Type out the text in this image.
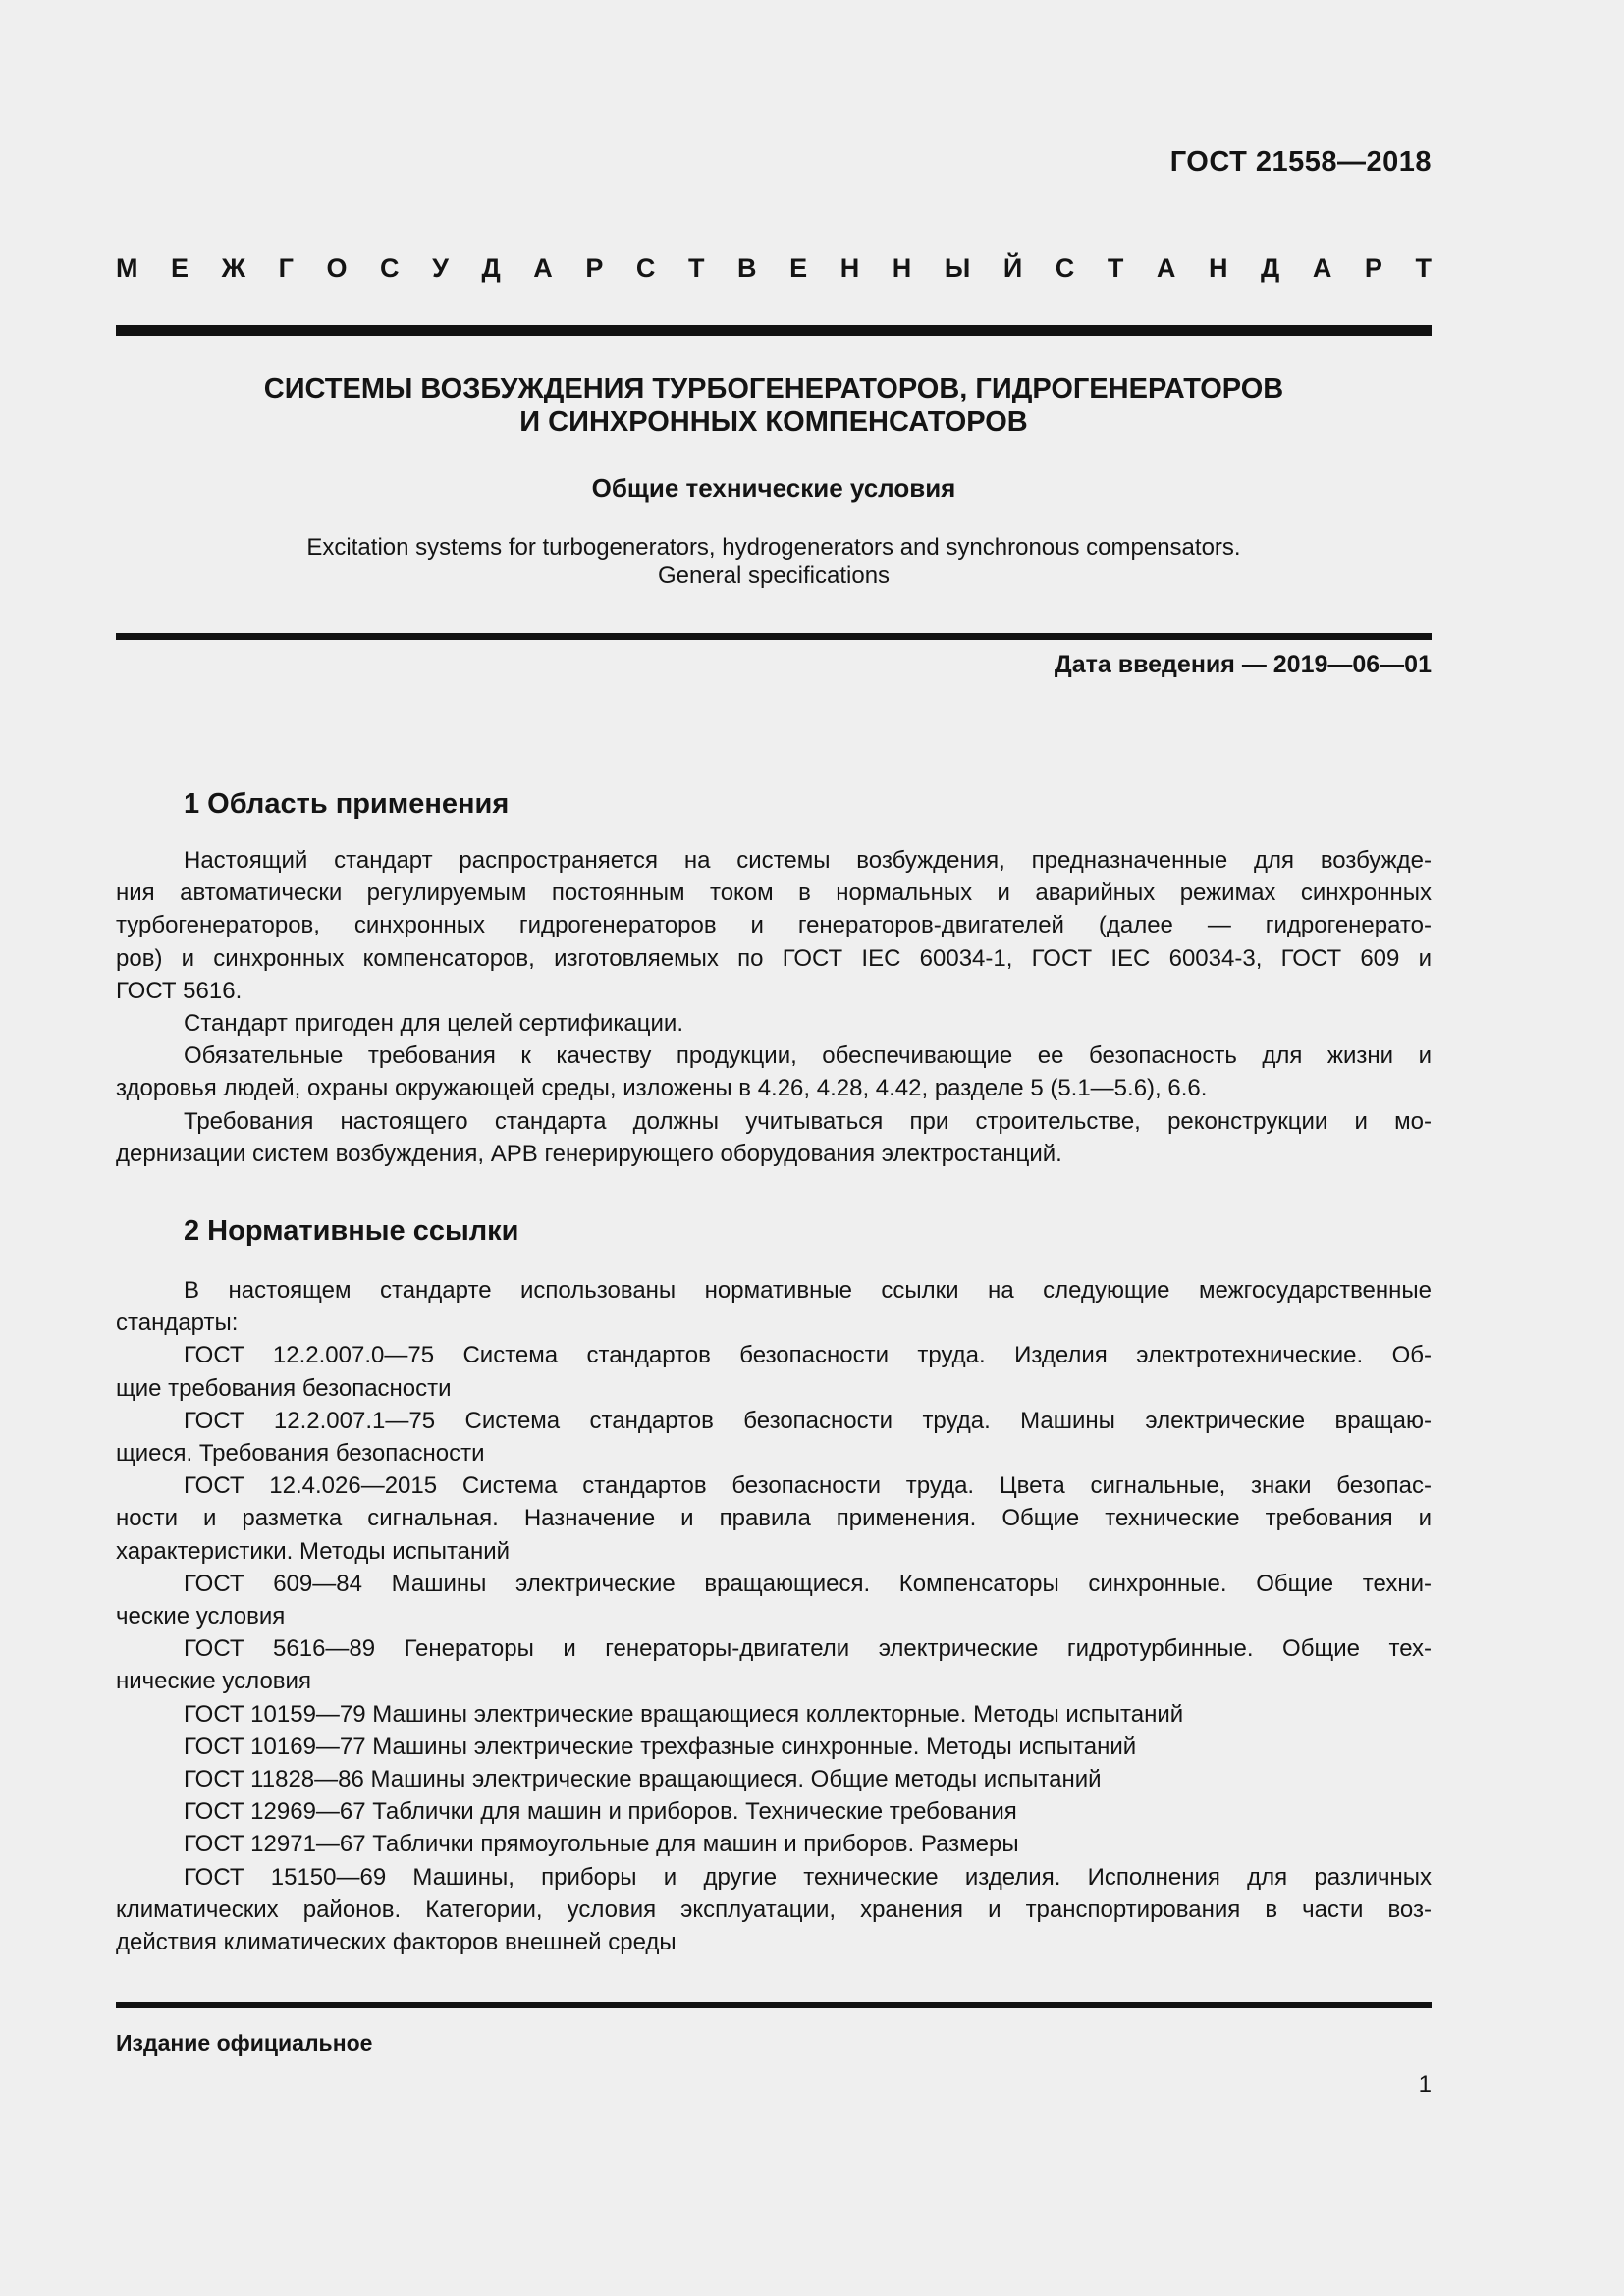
ГОСТ 21558—2018
М Е Ж Г О С У Д А Р С Т В Е Н Н Ы Й С Т А Н Д А Р Т
СИСТЕМЫ ВОЗБУЖДЕНИЯ ТУРБОГЕНЕРАТОРОВ, ГИДРОГЕНЕРАТОРОВ
И СИНХРОННЫХ КОМПЕНСАТОРОВ
Общие технические условия
Excitation systems for turbogenerators, hydrogenerators and synchronous compensators.
General specifications
Дата введения — 2019—06—01
1 Область применения
Настоящий стандарт распространяется на системы возбуждения, предназначенные для возбужде-
ния автоматически регулируемым постоянным током в нормальных и аварийных режимах синхронных
турбогенераторов, синхронных гидрогенераторов и генераторов-двигателей (далее — гидрогенерато-
ров) и синхронных компенсаторов, изготовляемых по ГОСТ IEC 60034-1, ГОСТ IEC 60034-3, ГОСТ 609 и
ГОСТ 5616.
Стандарт пригоден для целей сертификации.
Обязательные требования к качеству продукции, обеспечивающие ее безопасность для жизни и
здоровья людей, охраны окружающей среды, изложены в 4.26, 4.28, 4.42, разделе 5 (5.1—5.6), 6.6.
Требования настоящего стандарта должны учитываться при строительстве, реконструкции и мо-
дернизации систем возбуждения, АРВ генерирующего оборудования электростанций.
2 Нормативные ссылки
В настоящем стандарте использованы нормативные ссылки на следующие межгосударственные
стандарты:
ГОСТ 12.2.007.0—75 Система стандартов безопасности труда. Изделия электротехнические. Об-
щие требования безопасности
ГОСТ 12.2.007.1—75 Система стандартов безопасности труда. Машины электрические вращаю-
щиеся. Требования безопасности
ГОСТ 12.4.026—2015 Система стандартов безопасности труда. Цвета сигнальные, знаки безопас-
ности и разметка сигнальная. Назначение и правила применения. Общие технические требования и
характеристики. Методы испытаний
ГОСТ 609—84 Машины электрические вращающиеся. Компенсаторы синхронные. Общие техни-
ческие условия
ГОСТ 5616—89 Генераторы и генераторы-двигатели электрические гидротурбинные. Общие тех-
нические условия
ГОСТ 10159—79 Машины электрические вращающиеся коллекторные. Методы испытаний
ГОСТ 10169—77 Машины электрические трехфазные синхронные. Методы испытаний
ГОСТ 11828—86 Машины электрические вращающиеся. Общие методы испытаний
ГОСТ 12969—67 Таблички для машин и приборов. Технические требования
ГОСТ 12971—67 Таблички прямоугольные для машин и приборов. Размеры
ГОСТ 15150—69 Машины, приборы и другие технические изделия. Исполнения для различных
климатических районов. Категории, условия эксплуатации, хранения и транспортирования в части воз-
действия климатических факторов внешней среды
Издание официальное
1
